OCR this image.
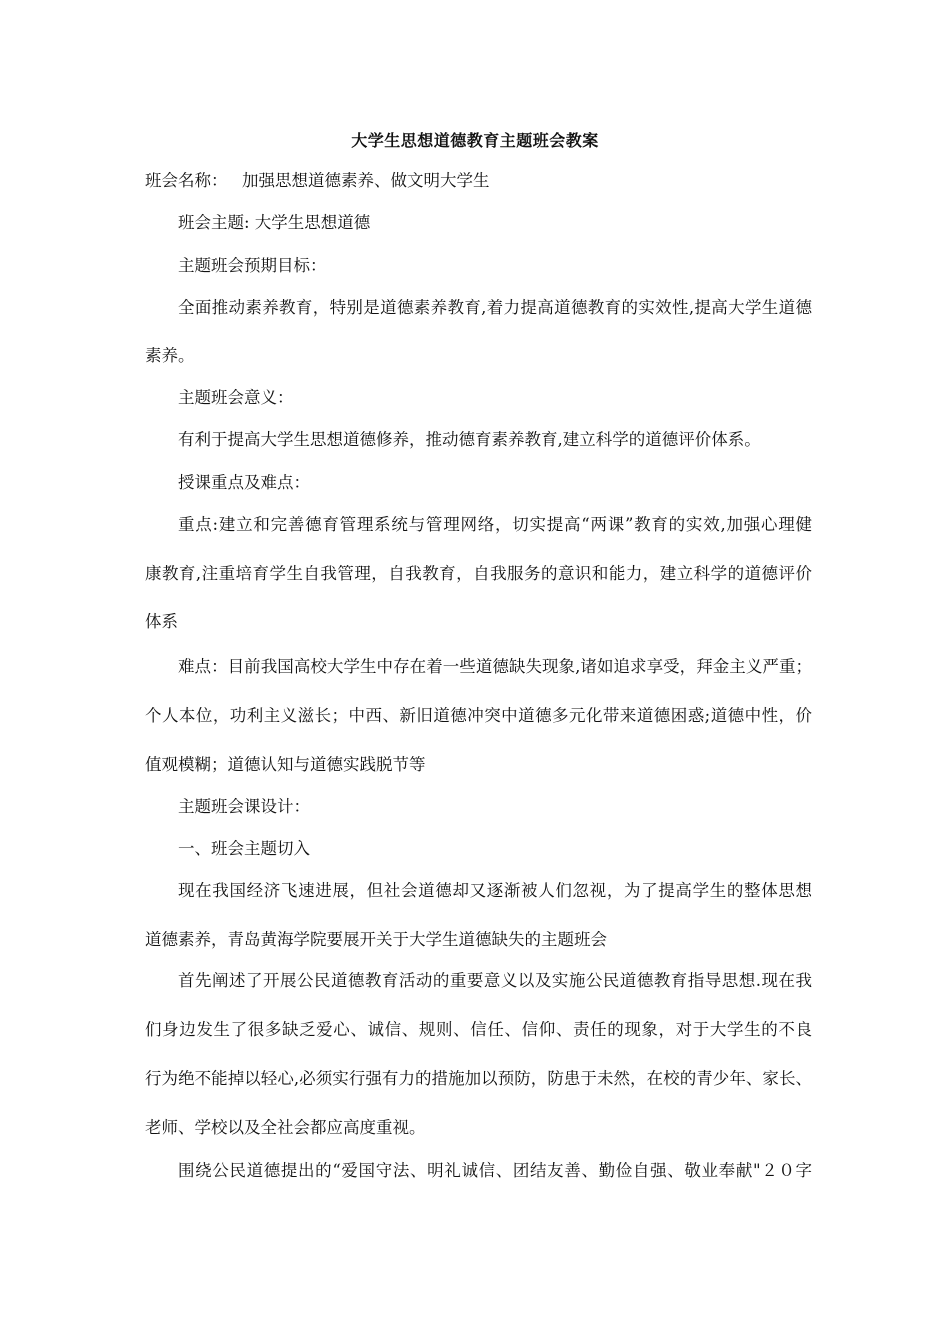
大学生思想道德教育主题班会教案
班会名称： 加强思想道德素养、做文明大学生
班会主题: 大学生思想道德
主题班会预期目标：
全面推动素养教育，特别是道德素养教育,着力提高道德教育的实效性,提高大学生道德
素养。
主题班会意义：
有利于提高大学生思想道德修养，推动德育素养教育,建立科学的道德评价体系。
授课重点及难点：
重点:建立和完善德育管理系统与管理网络，切实提高“两课”教育的实效,加强心理健
康教育,注重培育学生自我管理，自我教育，自我服务的意识和能力，建立科学的道德评价
体系
难点：目前我国高校大学生中存在着一些道德缺失现象,诸如追求享受，拜金主义严重；
个人本位，功利主义滋长；中西、新旧道德冲突中道德多元化带来道德困惑;道德中性，价
值观模糊；道德认知与道德实践脱节等
主题班会课设计：
一、班会主题切入
现在我国经济飞速进展，但社会道德却又逐渐被人们忽视，为了提高学生的整体思想
道德素养，青岛黄海学院要展开关于大学生道德缺失的主题班会
首先阐述了开展公民道德教育活动的重要意义以及实施公民道德教育指导思想.现在我
们身边发生了很多缺乏爱心、诚信、规则、信任、信仰、责任的现象，对于大学生的不良
行为绝不能掉以轻心,必须实行强有力的措施加以预防，防患于未然，在校的青少年、家长、
老师、学校以及全社会都应高度重视。
围绕公民道德提出的“爱国守法、明礼诚信、团结友善、勤俭自强、敬业奉献"２０字
